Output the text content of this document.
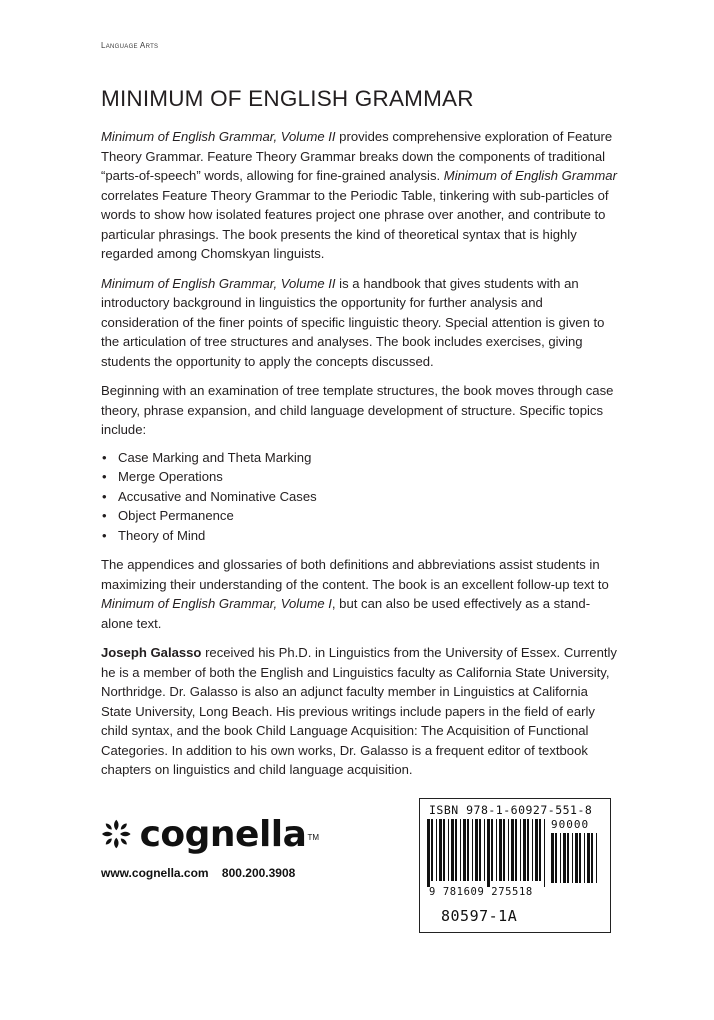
Language Arts
MINIMUM OF ENGLISH GRAMMAR

Minimum of English Grammar, Volume II provides comprehensive exploration of Feature Theory Grammar. Feature Theory Grammar breaks down the components of traditional “parts-of-speech” words, allowing for fine-grained analysis. Minimum of English Grammar correlates Feature Theory Grammar to the Periodic Table, tinkering with sub-particles of words to show how isolated features project one phrase over another, and contribute to particular phrasings. The book presents the kind of theoretical syntax that is highly regarded among Chomskyan linguists.

Minimum of English Grammar, Volume II is a handbook that gives students with an introductory background in linguistics the opportunity for further analysis and consideration of the finer points of specific linguistic theory. Special attention is given to the articulation of tree structures and analyses. The book includes exercises, giving students the opportunity to apply the concepts discussed.

Beginning with an examination of tree template structures, the book moves through case theory, phrase expansion, and child language development of structure. Specific topics include:

• Case Marking and Theta Marking
• Merge Operations
• Accusative and Nominative Cases
• Object Permanence
• Theory of Mind

The appendices and glossaries of both definitions and abbreviations assist students in maximizing their understanding of the content. The book is an excellent follow-up text to Minimum of English Grammar, Volume I, but can also be used effectively as a stand-alone text.

Joseph Galasso received his Ph.D. in Linguistics from the University of Essex. Currently he is a member of both the English and Linguistics faculty as California State University, Northridge. Dr. Galasso is also an adjunct faculty member in Linguistics at California State University, Long Beach. His previous writings include papers in the field of early child syntax, and the book Child Language Acquisition: The Acquisition of Functional Categories. In addition to his own works, Dr. Galasso is a frequent editor of textbook chapters on linguistics and child language acquisition.

cognella TM
www.cognella.com 800.200.3908
ISBN 978-1-60927-551-8
90000
9 781609 275518
80597-1A
